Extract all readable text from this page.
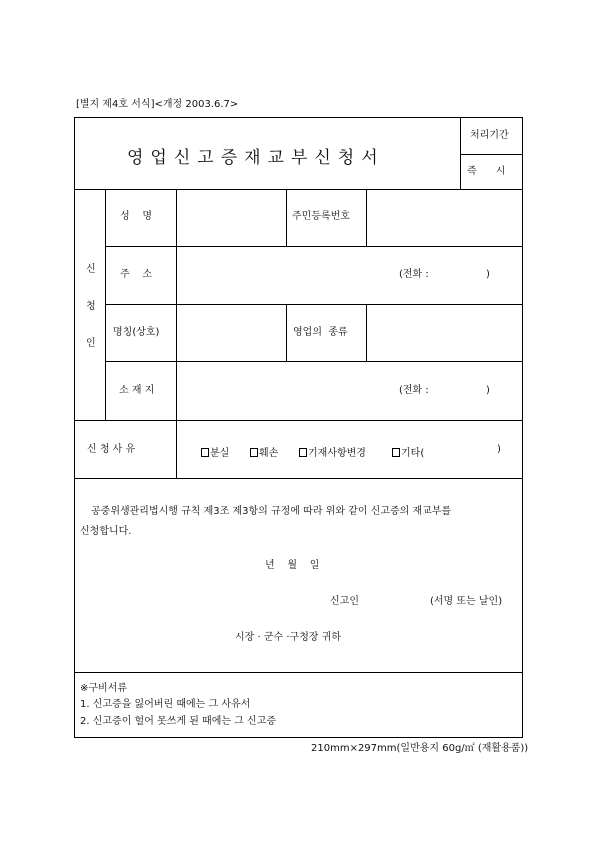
[별지 제4호 서식]<개정 2003.6.7>
영업신고증재교부신청서
처리기간
즉      시
신
청
인
성    명	주민등록번호
주    소	(전화 :                  )
명칭(상호)	영업의  종류
소 재 지	(전화 :                  )
신 청 사 유	분실	훼손	기재사항변경	기타(	)
공중위생관리법시행 규칙 제3조 제3항의 규정에 따라 위와 같이 신고증의 재교부를
신청합니다.
년    월    일
신고인	(서명 또는 날인)
시장 · 군수 ·구청장 귀하
※구비서류
1. 신고증을 잃어버린 때에는 그 사유서
2. 신고증이 헐어 못쓰게 된 때에는 그 신고증
210mm×297mm(일반용지 60g/㎡ (재활용품))
